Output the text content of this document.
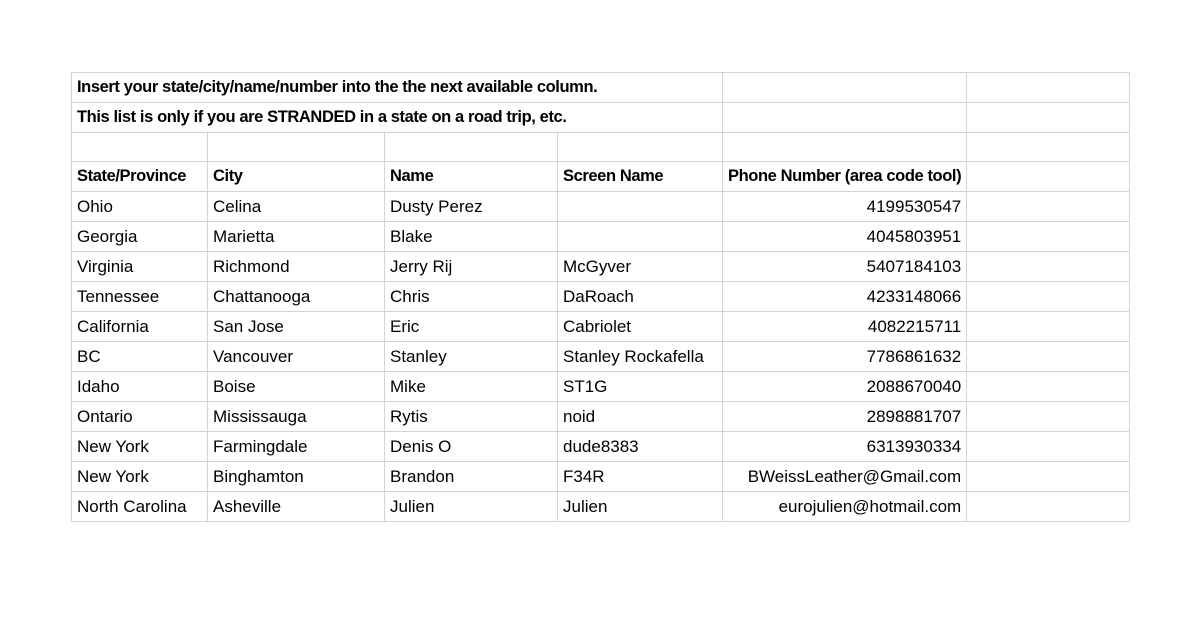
Insert your state/city/name/number into the the next available column.					
This list is only if you are STRANDED in a state on a road trip, etc.					

State/Province	City	Name	Screen Name	Phone Number (area code tool)	
Ohio	Celina	Dusty Perez		4199530547	
Georgia	Marietta	Blake		4045803951	
Virginia	Richmond	Jerry Rij	McGyver	5407184103	
Tennessee	Chattanooga	Chris	DaRoach	4233148066	
California	San Jose	Eric	Cabriolet	4082215711	
BC	Vancouver	Stanley	Stanley Rockafella	7786861632	
Idaho	Boise	Mike	ST1G	2088670040	
Ontario	Mississauga	Rytis	noid	2898881707	
New York	Farmingdale	Denis O	dude8383	6313930334	
New York	Binghamton	Brandon	F34R	BWeissLeather@Gmail.com	
North Carolina	Asheville	Julien	Julien	eurojulien@hotmail.com	
